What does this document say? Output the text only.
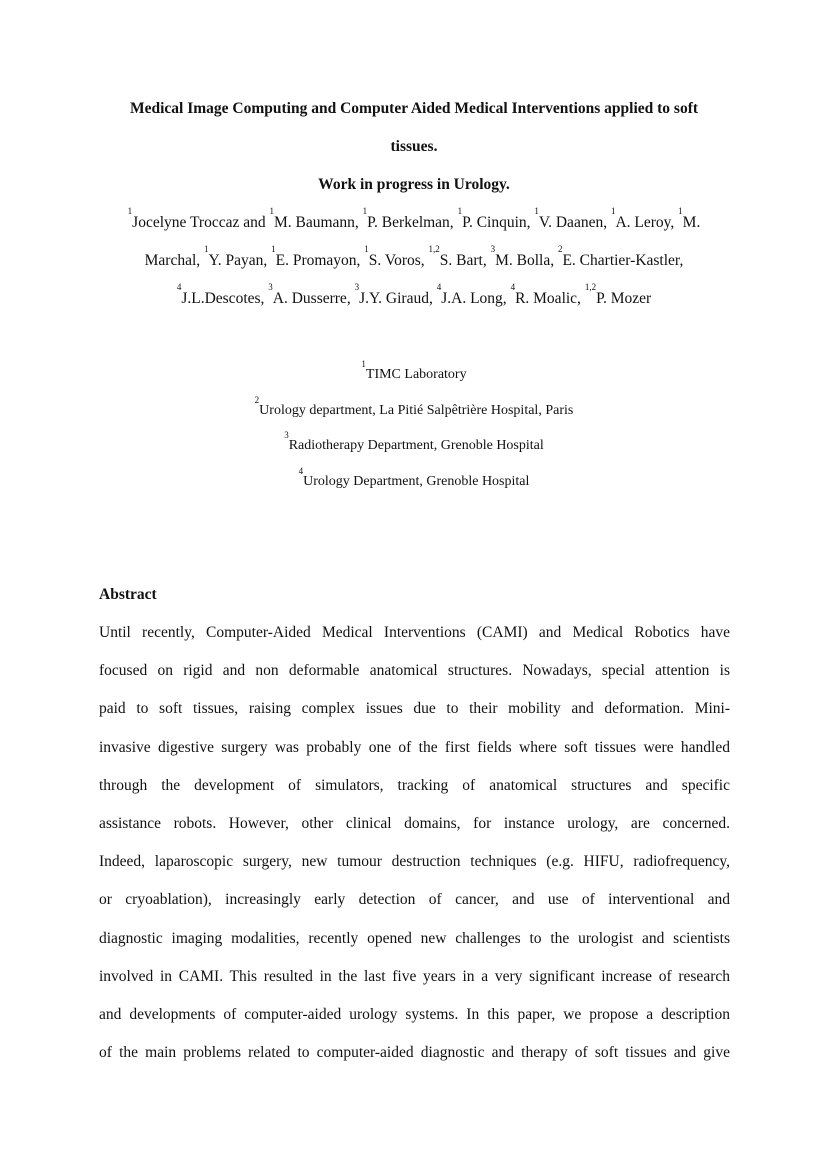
Medical Image Computing and Computer Aided Medical Interventions applied to soft
tissues.
Work in progress in Urology.
$^1$Jocelyne Troccaz and $^1$M. Baumann, $^1$P. Berkelman, $^1$P. Cinquin, $^1$V. Daanen, $^1$A. Leroy, $^1$M.
Marchal, $^1$Y. Payan, $^1$E. Promayon, $^1$S. Voros, $^{1,2}$S. Bart, $^3$M. Bolla, $^2$E. Chartier-Kastler,
$^4$J.L.Descotes, $^3$A. Dusserre, $^3$J.Y. Giraud, $^4$J.A. Long, $^4$R. Moalic, $^{1,2}$P. Mozer
$^1$TIMC Laboratory
$^2$Urology department, La Pitié Salpêtrière Hospital, Paris
$^3$Radiotherapy Department, Grenoble Hospital
$^4$Urology Department, Grenoble Hospital
Abstract
Until recently, Computer-Aided Medical Interventions (CAMI) and Medical Robotics have
focused on rigid and non deformable anatomical structures. Nowadays, special attention is
paid to soft tissues, raising complex issues due to their mobility and deformation. Mini-
invasive digestive surgery was probably one of the first fields where soft tissues were handled
through the development of simulators, tracking of anatomical structures and specific
assistance robots. However, other clinical domains, for instance urology, are concerned.
Indeed, laparoscopic surgery, new tumour destruction techniques (e.g. HIFU, radiofrequency,
or cryoablation), increasingly early detection of cancer, and use of interventional and
diagnostic imaging modalities, recently opened new challenges to the urologist and scientists
involved in CAMI. This resulted in the last five years in a very significant increase of research
and developments of computer-aided urology systems. In this paper, we propose a description
of the main problems related to computer-aided diagnostic and therapy of soft tissues and give
